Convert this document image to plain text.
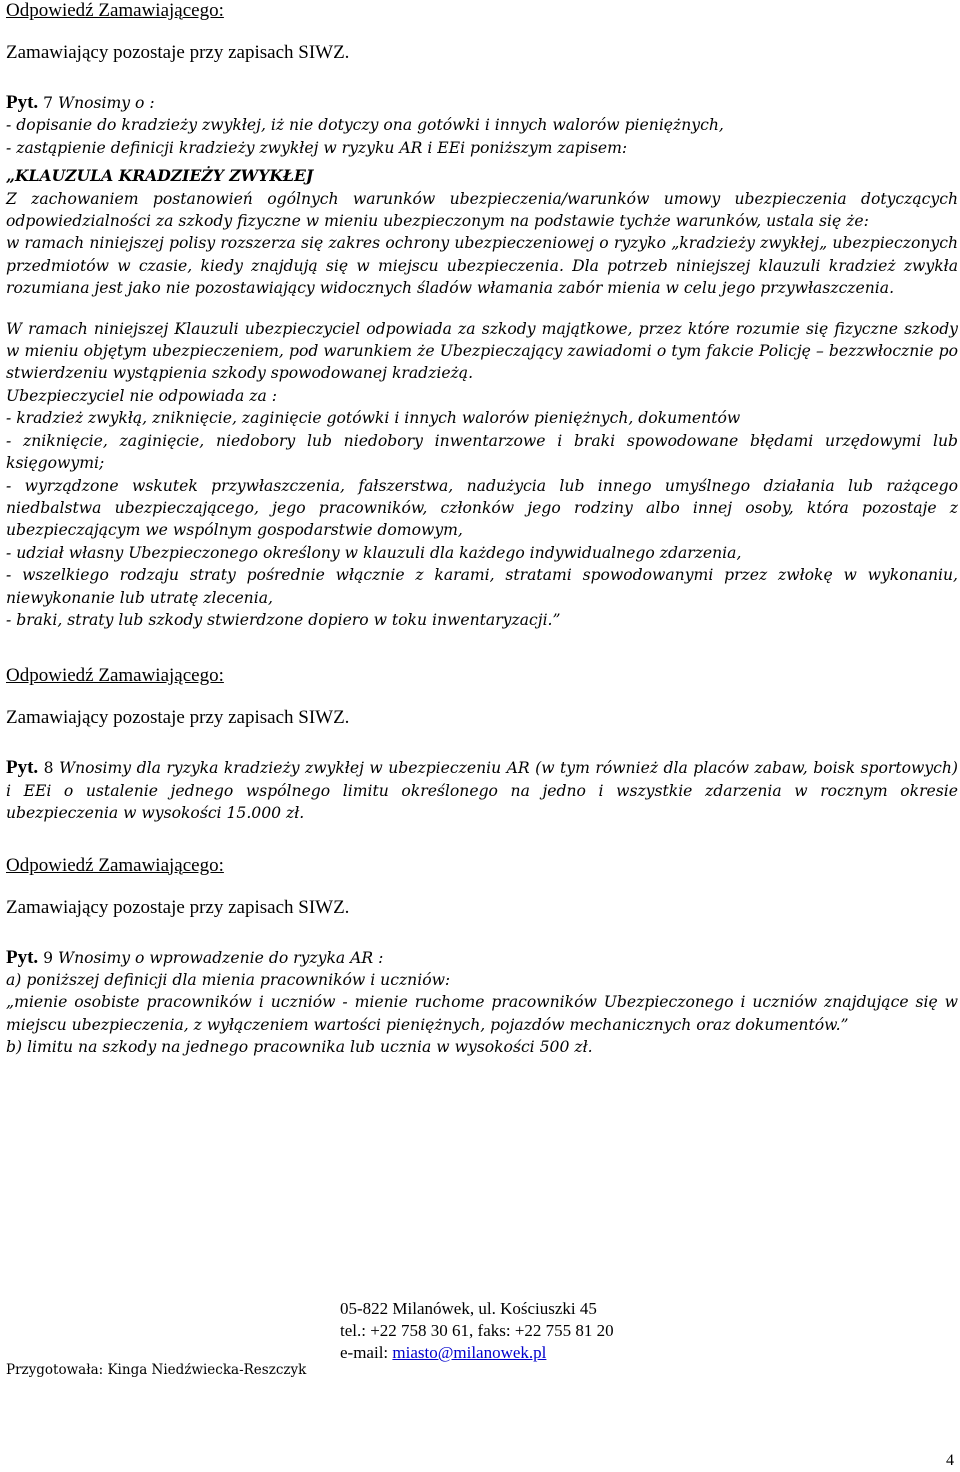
Odpowiedź Zamawiającego:

Zamawiający pozostaje przy zapisach SIWZ.

Pyt. 7 Wnosimy o :

- dopisanie do kradzieży zwykłej, iż nie dotyczy ona gotówki i innych walorów pieniężnych,

- zastąpienie definicji kradzieży zwykłej w ryzyku AR i EEi poniższym zapisem:

„KLAUZULA KRADZIEŻY ZWYKŁEJ

Z zachowaniem postanowień ogólnych warunków ubezpieczenia/warunków umowy ubezpieczenia dotyczących odpowiedzialności za szkody fizyczne w mieniu ubezpieczonym na podstawie tychże warunków, ustala się że:

w ramach niniejszej polisy rozszerza się zakres ochrony ubezpieczeniowej o ryzyko „kradzieży zwykłej„ ubezpieczonych przedmiotów w czasie, kiedy znajdują się w miejscu ubezpieczenia. Dla potrzeb niniejszej klauzuli kradzież zwykła rozumiana jest jako nie pozostawiający widocznych śladów włamania zabór mienia w celu jego przywłaszczenia.

W ramach niniejszej Klauzuli ubezpieczyciel odpowiada za szkody majątkowe, przez które rozumie się fizyczne szkody w mieniu objętym ubezpieczeniem, pod warunkiem że Ubezpieczający zawiadomi o tym fakcie Policję – bezzwłocznie po stwierdzeniu wystąpienia szkody spowodowanej kradzieżą.

Ubezpieczyciel nie odpowiada za :

- kradzież zwykłą, zniknięcie, zaginięcie gotówki i innych walorów pieniężnych, dokumentów

- zniknięcie, zaginięcie, niedobory lub niedobory inwentarzowe i braki spowodowane błędami urzędowymi lub księgowymi;

- wyrządzone wskutek przywłaszczenia, fałszerstwa, nadużycia lub innego umyślnego działania lub rażącego niedbalstwa ubezpieczającego, jego pracowników, członków jego rodziny albo innej osoby, która pozostaje z ubezpieczającym we wspólnym gospodarstwie domowym,

- udział własny Ubezpieczonego określony w klauzuli dla każdego indywidualnego zdarzenia,

- wszelkiego rodzaju straty pośrednie włącznie z karami, stratami spowodowanymi przez zwłokę w wykonaniu, niewykonanie lub utratę zlecenia,

- braki, straty lub szkody stwierdzone dopiero w toku inwentaryzacji.”

Odpowiedź Zamawiającego:

Zamawiający pozostaje przy zapisach SIWZ.

Pyt. 8 Wnosimy dla ryzyka kradzieży zwykłej w ubezpieczeniu AR (w tym również dla placów zabaw, boisk sportowych) i EEi o ustalenie jednego wspólnego limitu określonego na jedno i wszystkie zdarzenia w rocznym okresie ubezpieczenia w wysokości 15.000 zł.

Odpowiedź Zamawiającego:

Zamawiający pozostaje przy zapisach SIWZ.

Pyt. 9 Wnosimy o wprowadzenie do ryzyka AR :

a) poniższej definicji dla mienia pracowników i uczniów:

„mienie osobiste pracowników i uczniów - mienie ruchome pracowników Ubezpieczonego i uczniów znajdujące się w miejscu ubezpieczenia, z wyłączeniem wartości pieniężnych, pojazdów mechanicznych oraz dokumentów.”

b) limitu na szkody na jednego pracownika lub ucznia w wysokości 500 zł.

05-822 Milanówek, ul. Kościuszki 45
tel.: +22 758 30 61, faks: +22 755 81 20
e-mail: miasto@milanowek.pl
Przygotowała: Kinga Niedźwiecka-Reszczyk
4
